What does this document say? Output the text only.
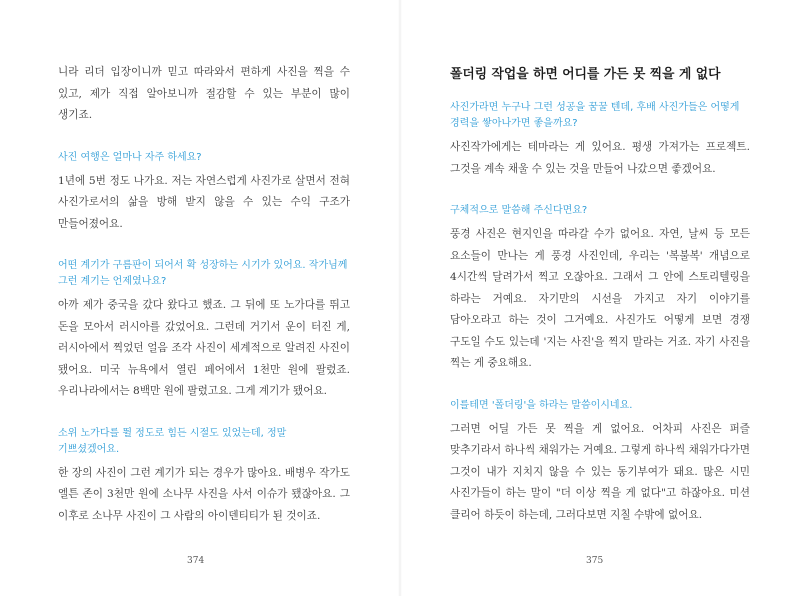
니라 리더 입장이니까 믿고 따라와서 편하게 사진을 찍을 수 있고, 제가 직접 알아보니까 절감할 수 있는 부분이 많이 생기죠.

사진 여행은 얼마나 자주 하세요?

1년에 5번 정도 나가요. 저는 자연스럽게 사진가로 살면서 전혀 사진가로서의 삶을 방해 받지 않을 수 있는 수익 구조가 만들어졌어요.

어떤 계기가 구름판이 되어서 확 성장하는 시기가 있어요. 작가님께 그런 계기는 언제였나요?

아까 제가 중국을 갔다 왔다고 했죠. 그 뒤에 또 노가다를 뛰고 돈을 모아서 러시아를 갔었어요. 그런데 거기서 운이 터진 게, 러시아에서 찍었던 얼음 조각 사진이 세계적으로 알려진 사진이 됐어요. 미국 뉴욕에서 열린 페어에서 1천만 원에 팔렸죠. 우리나라에서는 8백만 원에 팔렸고요. 그게 계기가 됐어요.

소위 노가다를 뛸 정도로 힘든 시절도 있었는데, 정말 기쁘셨겠어요.

한 장의 사진이 그런 계기가 되는 경우가 많아요. 배병우 작가도 엘튼 존이 3천만 원에 소나무 사진을 사서 이슈가 됐잖아요. 그 이후로 소나무 사진이 그 사람의 아이덴티티가 된 것이죠.

374
폴더링 작업을 하면 어디를 가든 못 찍을 게 없다

사진가라면 누구나 그런 성공을 꿈꿀 텐데, 후배 사진가들은 어떻게 경력을 쌓아나가면 좋을까요?

사진작가에게는 테마라는 게 있어요. 평생 가져가는 프로젝트. 그것을 계속 채울 수 있는 것을 만들어 나갔으면 좋겠어요.

구체적으로 말씀해 주신다면요?

풍경 사진은 현지인을 따라갈 수가 없어요. 자연, 날씨 등 모든 요소들이 만나는 게 풍경 사진인데, 우리는 '복불복' 개념으로 4시간씩 달려가서 찍고 오잖아요. 그래서 그 안에 스토리텔링을 하라는 거예요. 자기만의 시선을 가지고 자기 이야기를 담아오라고 하는 것이 그거예요. 사진가도 어떻게 보면 경쟁 구도일 수도 있는데 '지는 사진'을 찍지 말라는 거죠. 자기 사진을 찍는 게 중요해요.

이를테면 '폴더링'을 하라는 말씀이시네요.

그러면 어딜 가든 못 찍을 게 없어요. 어차피 사진은 퍼즐 맞추기라서 하나씩 채워가는 거예요. 그렇게 하나씩 채워가다가면 그것이 내가 지치지 않을 수 있는 동기부여가 돼요. 많은 시민 사진가들이 하는 말이 "더 이상 찍을 게 없다"고 하잖아요. 미션 클리어 하듯이 하는데, 그러다보면 지칠 수밖에 없어요.

375
